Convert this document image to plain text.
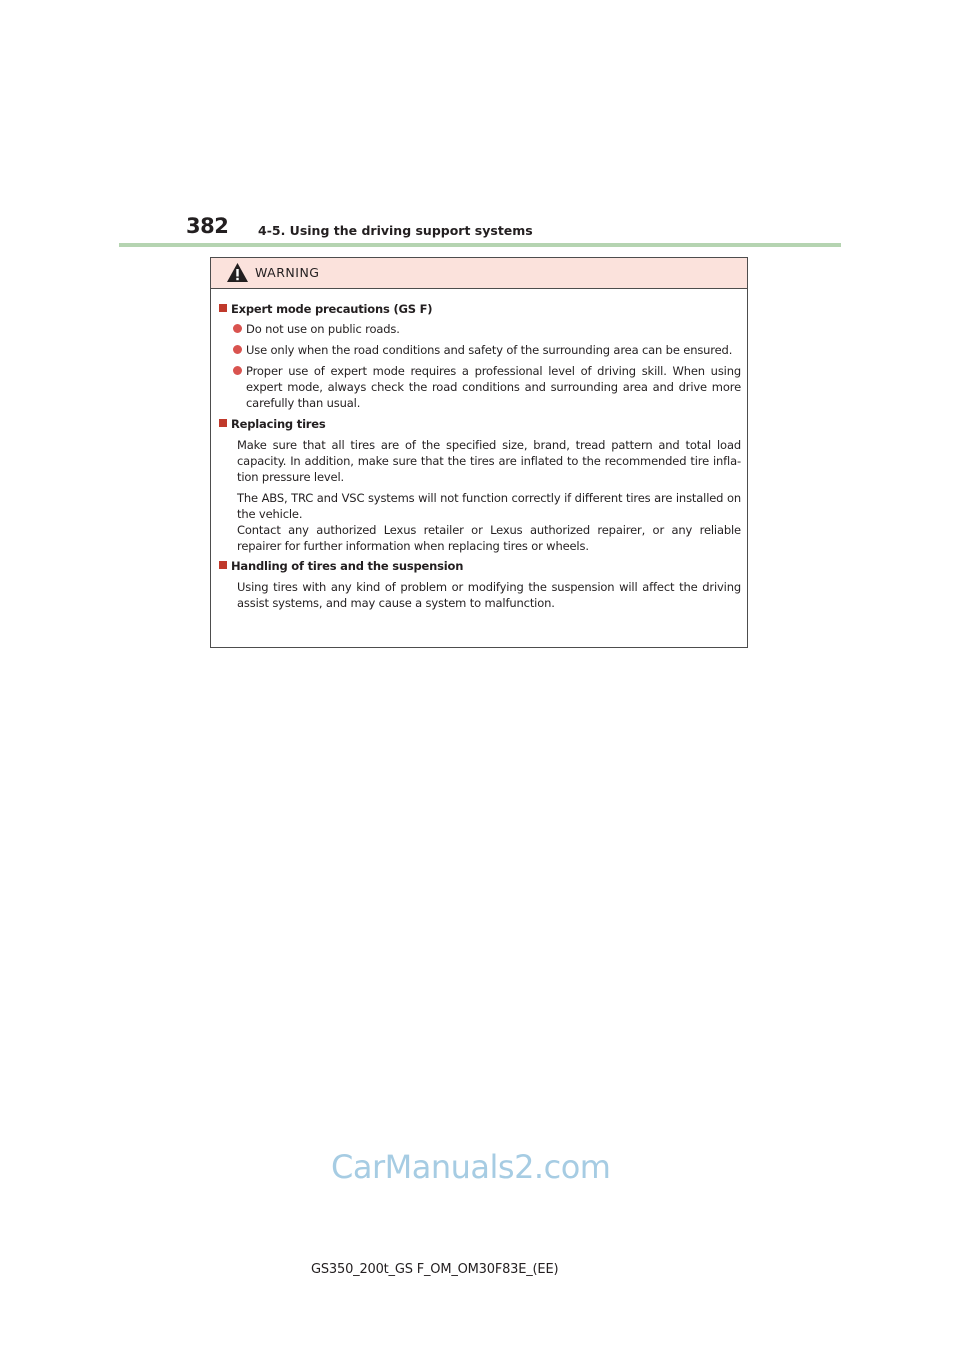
382 4-5. Using the driving support systems
WARNING
Expert mode precautions (GS F)
Do not use on public roads.
Use only when the road conditions and safety of the surrounding area can be ensured.
Proper use of expert mode requires a professional level of driving skill. When using expert mode, always check the road conditions and surrounding area and drive more carefully than usual.
Replacing tires

Make sure that all tires are of the specified size, brand, tread pattern and total load capacity. In addition, make sure that the tires are inflated to the recommended tire infla-tion pressure level.

The ABS, TRC and VSC systems will not function correctly if different tires are installed on the vehicle.

Contact any authorized Lexus retailer or Lexus authorized repairer, or any reliable repairer for further information when replacing tires or wheels.

Handling of tires and the suspension

Using tires with any kind of problem or modifying the suspension will affect the driving assist systems, and may cause a system to malfunction.

CarManuals2.com
GS350_200t_GS F_OM_OM30F83E_(EE)
